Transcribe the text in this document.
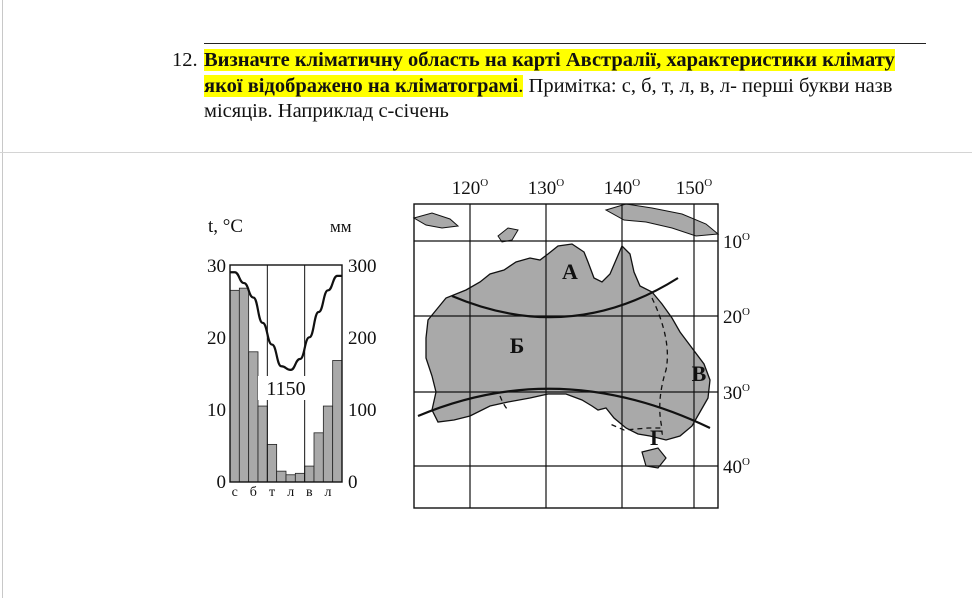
12. Визначте кліматичну область на карті Австралії, характеристики клімату якої відображено на кліматограмі. Примітка: с, б, т, л, в, л- перші букви назв місяців. Наприклад с-січень
t, °C	мм
1150
30
20
10
0
300
200
100
0
с б т л в л
$120^O$ $130^O$ $140^O$ $150^O$
$10^O$
$20^O$
$30^O$
$40^O$
А
Б
В
Г
